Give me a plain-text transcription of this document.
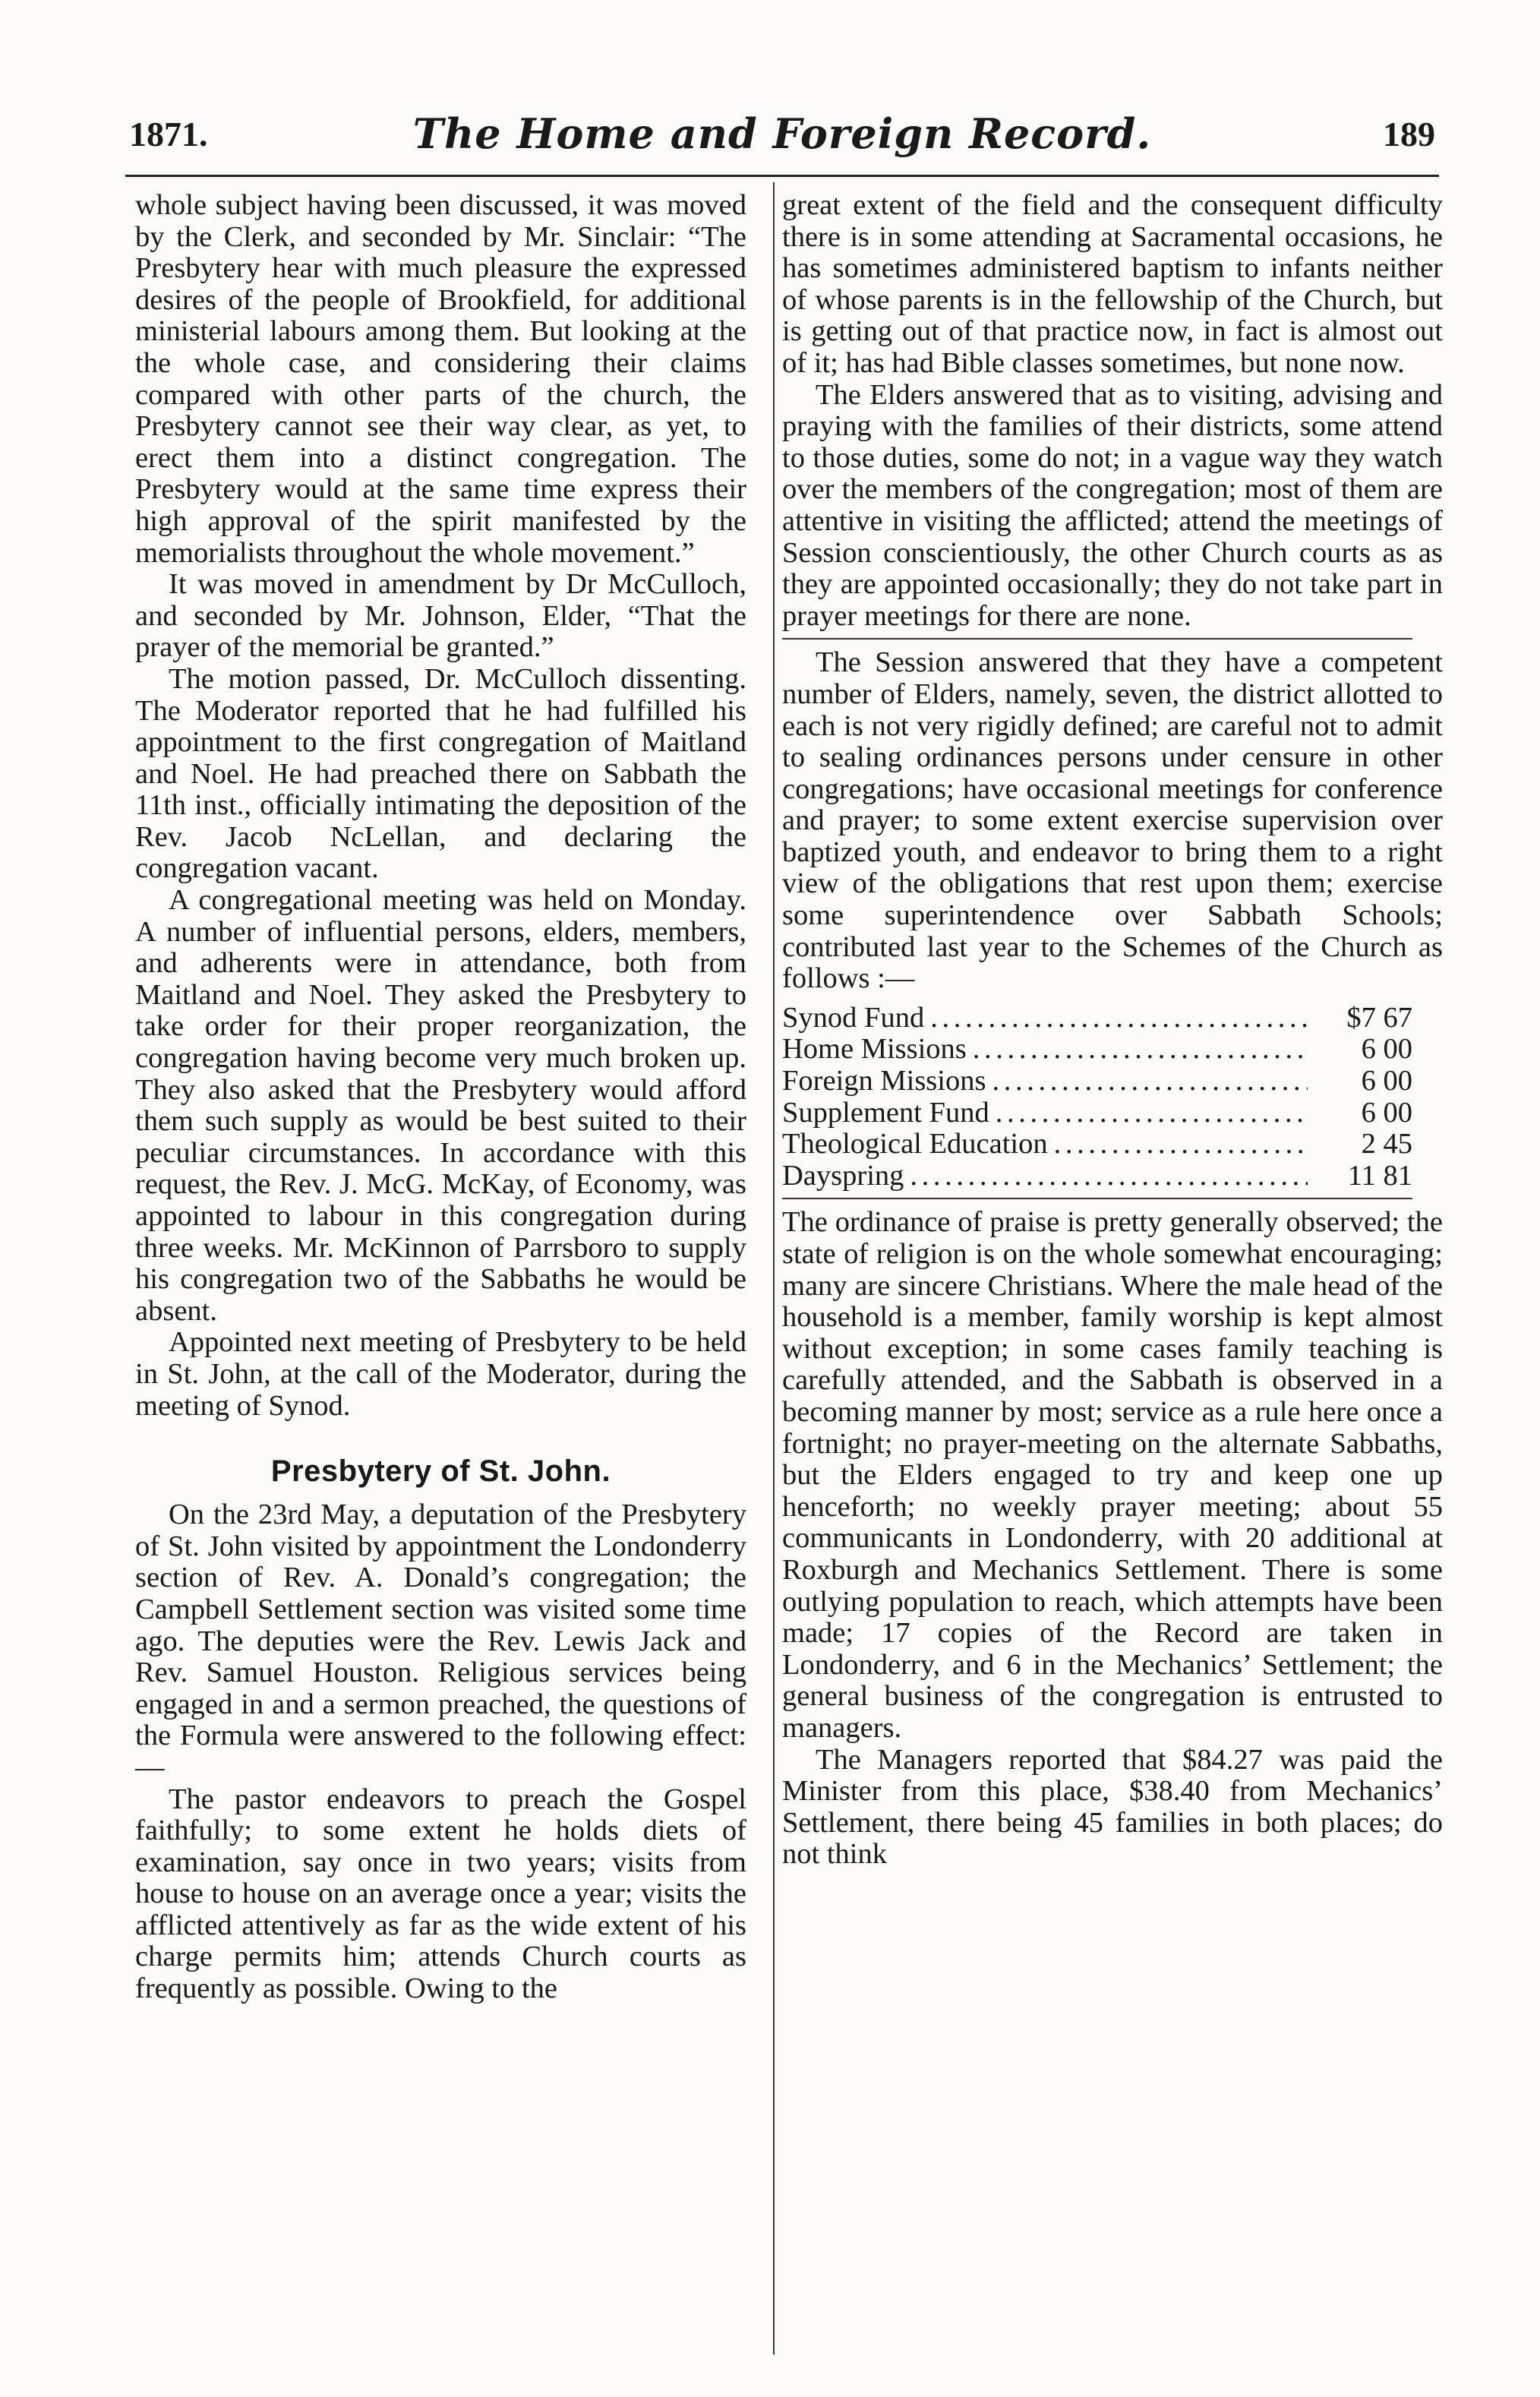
1871.	The Home and Foreign Record.	189

whole subject having been discussed, it was moved by the Clerk, and seconded by Mr. Sinclair: “The Presbytery hear with much pleasure the expressed desires of the people of Brookfield, for additional ministerial labours among them. But looking at the the whole case, and considering their claims compared with other parts of the church, the Presbytery cannot see their way clear, as yet, to erect them into a distinct congregation. The Presbytery would at the same time express their high approval of the spirit manifested by the memorialists throughout the whole movement.”

It was moved in amendment by Dr McCulloch, and seconded by Mr. Johnson, Elder, “That the prayer of the memorial be granted.”

The motion passed, Dr. McCulloch dissenting. The Moderator reported that he had fulfilled his appointment to the first congregation of Maitland and Noel. He had preached there on Sabbath the 11th inst., officially intimating the deposition of the Rev. Jacob NcLellan, and declaring the congregation vacant.

A congregational meeting was held on Monday. A number of influential persons, elders, members, and adherents were in attendance, both from Maitland and Noel. They asked the Presbytery to take order for their proper reorganization, the congregation having become very much broken up. They also asked that the Presbytery would afford them such supply as would be best suited to their peculiar circumstances. In accordance with this request, the Rev. J. McG. McKay, of Economy, was appointed to labour in this congregation during three weeks. Mr. McKinnon of Parrsboro to supply his congregation two of the Sabbaths he would be absent.

Appointed next meeting of Presbytery to be held in St. John, at the call of the Moderator, during the meeting of Synod.

Presbytery of St. John.

On the 23rd May, a deputation of the Presbytery of St. John visited by appointment the Londonderry section of Rev. A. Donald’s congregation; the Campbell Settlement section was visited some time ago. The deputies were the Rev. Lewis Jack and Rev. Samuel Houston. Religious services being engaged in and a sermon preached, the questions of the Formula were answered to the following effect:—

The pastor endeavors to preach the Gospel faithfully; to some extent he holds diets of examination, say once in two years; visits from house to house on an average once a year; visits the afflicted attentively as far as the wide extent of his charge permits him; attends Church courts as frequently as possible. Owing to the

great extent of the field and the consequent difficulty there is in some attending at Sacramental occasions, he has sometimes administered baptism to infants neither of whose parents is in the fellowship of the Church, but is getting out of that practice now, in fact is almost out of it; has had Bible classes sometimes, but none now.

The Elders answered that as to visiting, advising and praying with the families of their districts, some attend to those duties, some do not; in a vague way they watch over the members of the congregation; most of them are attentive in visiting the afflicted; attend the meetings of Session conscientiously, the other Church courts as as they are appointed occasionally; they do not take part in prayer meetings for there are none.

The Session answered that they have a competent number of Elders, namely, seven, the district allotted to each is not very rigidly defined; are careful not to admit to sealing ordinances persons under censure in other congregations; have occasional meetings for conference and prayer; to some extent exercise supervision over baptized youth, and endeavor to bring them to a right view of the obligations that rest upon them; exercise some superintendence over Sabbath Schools; contributed last year to the Schemes of the Church as follows :—

Synod Fund . . .	$7 67
Home Missions . . .	6 00
Foreign Missions . . .	6 00
Supplement Fund . . .	6 00
Theological Education . . .	2 45
Dayspring . . .	11 81

The ordinance of praise is pretty generally observed; the state of religion is on the whole somewhat encouraging; many are sincere Christians. Where the male head of the household is a member, family worship is kept almost without exception; in some cases family teaching is carefully attended, and the Sabbath is observed in a becoming manner by most; service as a rule here once a fortnight; no prayer-meeting on the alternate Sabbaths, but the Elders engaged to try and keep one up henceforth; no weekly prayer meeting; about 55 communicants in Londonderry, with 20 additional at Roxburgh and Mechanics Settlement. There is some outlying population to reach, which attempts have been made; 17 copies of the Record are taken in Londonderry, and 6 in the Mechanics’ Settlement; the general business of the congregation is entrusted to managers.

The Managers reported that $84.27 was paid the Minister from this place, $38.40 from Mechanics’ Settlement, there being 45 families in both places; do not think
